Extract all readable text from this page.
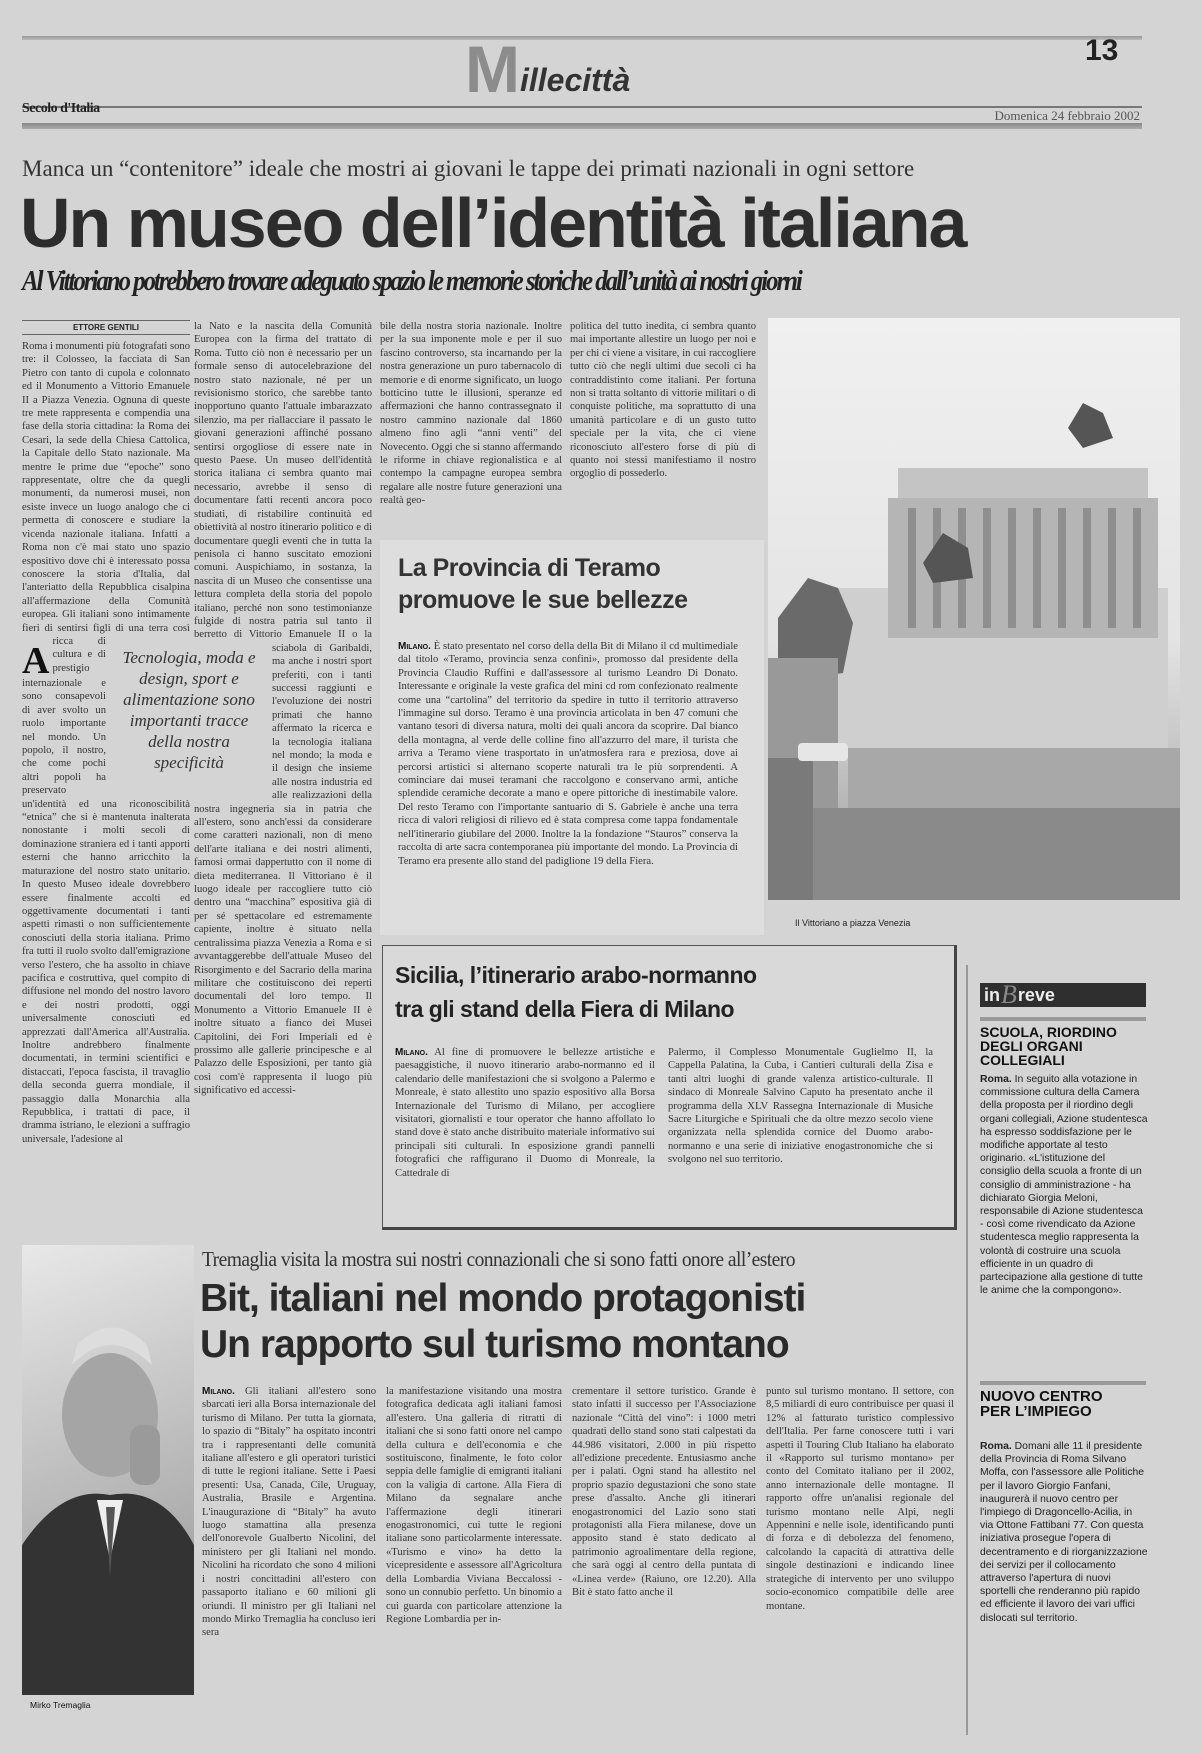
M illecittà
13
Secolo d'Italia	Domenica 24 febbraio 2002
Manca un “contenitore” ideale che mostri ai giovani le tappe dei primati nazionali in ogni settore
Un museo dell’identità italiana
Al Vittoriano potrebbero trovare adeguato spazio le memorie storiche dall’unità ai nostri giorni
ETTORE GENTILI
A
Roma i monumenti più fotografati sono tre: il Colosseo, la facciata di San Pietro con tanto di cupola e colonnato ed il Monumento a Vittorio Emanuele II a Piazza Venezia. Ognuna di queste tre mete rappresenta e compendia una fase della storia cittadina: la Roma dei Cesari, la sede della Chiesa Cattolica, la Capitale dello Stato nazionale. Ma mentre le prime due “epoche” sono rappresentate, oltre che da quegli monumenti, da numerosi musei, non esiste invece un luogo analogo che ci permetta di conoscere e studiare la vicenda nazionale italiana. Infatti a Roma non c'è mai stato uno spazio espositivo dove chi è interessato possa conoscere la storia d'Italia, dal l'anteriatto della Repubblica cisalpina all'affermazione della Comunità europea. Gli italiani sono intimamente fieri di sentirsi figli di una terra così ricca di cultura e di prestigio internazionale e sono consapevoli di aver svolto un ruolo importante nel mondo. Un popolo, il nostro, che come pochi altri popoli ha preservato un'identità ed una riconoscibilità “etnica” che si è mantenuta inalterata nonostante i molti secoli di dominazione straniera ed i tanti apporti esterni che hanno arricchito la maturazione del nostro stato unitario. In questo Museo ideale dovrebbero essere finalmente accolti ed oggettivamente documentati i tanti aspetti rimasti o non sufficientemente conosciuti della storia italiana. Primo fra tutti il ruolo svolto dall'emigrazione verso l'estero, che ha assolto in chiave pacifica e costruttiva, quel compito di diffusione nel mondo del nostro lavoro e dei nostri prodotti, oggi universalmente conosciuti ed apprezzati dall'America all'Australia. Inoltre andrebbero finalmente documentati, in termini scientifici e distaccati, l'epoca fascista, il travaglio della seconda guerra mondiale, il passaggio dalla Monarchia alla Repubblica, i trattati di pace, il dramma istriano, le elezioni a suffragio universale, l'adesione al
la Nato e la nascita della Comunità Europea con la firma del trattato di Roma. Tutto ciò non è necessario per un formale senso di autocelebrazione del nostro stato nazionale, né per un revisionismo storico, che sarebbe tanto inopportuno quanto l'attuale imbarazzato silenzio, ma per riallacciare il passato le giovani generazioni affinché possano sentirsi orgogliose di essere nate in questo Paese. Un museo dell'identità storica italiana ci sembra quanto mai necessario, avrebbe il senso di documentare fatti recenti ancora poco studiati, di ristabilire continuità ed obiettività al nostro itinerario politico e di documentare quegli eventi che in tutta la penisola ci hanno suscitato emozioni comuni. Auspichiamo, in sostanza, la nascita di un Museo che consentisse una lettura completa della storia del popolo italiano, perché non sono testimonianze fulgide di nostra patria sul tanto il berretto di Vittorio Emanuele II o la sciabola di Garibaldi, ma anche i nostri sport preferiti, con i tanti successi raggiunti e l'evoluzione dei nostri primati che hanno affermato la ricerca e la tecnologia italiana nel mondo; la moda e il design che insieme alle nostra industria ed alle realizzazioni della nostra ingegneria sia in patria che all'estero, sono anch'essi da considerare come caratteri nazionali, non di meno dell'arte italiana e dei nostri alimenti, famosi ormai dappertutto con il nome di dieta mediterranea. Il Vittoriano è il luogo ideale per raccogliere tutto ciò dentro una “macchina” espositiva già di per sé spettacolare ed estremamente capiente, inoltre è situato nella centralissima piazza Venezia a Roma e si avvantaggerebbe dell'attuale Museo del Risorgimento e del Sacrario della marina militare che costituiscono dei reperti documentali del loro tempo. Il Monumento a Vittorio Emanuele II è inoltre situato a fianco dei Musei Capitolini, dei Fori Imperiali ed è prossimo alle gallerie principesche e al Palazzo delle Esposizioni, per tanto già così com'è rappresenta il luogo più significativo ed accessi-
bile della nostra storia nazionale. Inoltre per la sua imponente mole e per il suo fascino controverso, sta incarnando per la nostra generazione un puro tabernacolo di memorie e di enorme significato, un luogo botticino tutte le illusioni, speranze ed affermazioni che hanno contrassegnato il nostro cammino nazionale dal 1860 almeno fino agli “anni venti” del Novecento. Oggi che si stanno affermando le riforme in chiave regionalistica e al contempo la campagne europea sembra regalare alle nostre future generazioni una realtà geo-
politica del tutto inedita, ci sembra quanto mai importante allestire un luogo per noi e per chi ci viene a visitare, in cui raccogliere tutto ciò che negli ultimi due secoli ci ha contraddistinto come italiani. Per fortuna non si tratta soltanto di vittorie militari o di conquiste politiche, ma soprattutto di una umanità particolare e di un gusto tutto speciale per la vita, che ci viene riconosciuto all'estero forse di più di quanto noi stessi manifestiamo il nostro orgoglio di possederlo.
Tecnologia, moda e design, sport e alimentazione sono importanti tracce della nostra specificità
Il Vittoriano a piazza Venezia
La Provincia di Teramo
promuove le sue bellezze
Milano. È stato presentato nel corso della della Bit di Milano il cd multimediale dal titolo «Teramo, provincia senza confini», promosso dal presidente della Provincia Claudio Ruffini e dall'assessore al turismo Leandro Di Donato. Interessante e originale la veste grafica del mini cd rom confezionato realmente come una “cartolina” del territorio da spedire in tutto il territorio attraverso l'immagine sul dorso. Teramo è una provincia articolata in ben 47 comuni che vantano tesori di diversa natura, molti dei quali ancora da scoprire. Dal bianco della montagna, al verde delle colline fino all'azzurro del mare, il turista che arriva a Teramo viene trasportato in un'atmosfera rara e preziosa, dove ai percorsi artistici si alternano scoperte naturali tra le più sorprendenti. A cominciare dai musei teramani che raccolgono e conservano armi, antiche splendide ceramiche decorate a mano e opere pittoriche di inestimabile valore. Del resto Teramo con l'importante santuario di S. Gabriele è anche una terra ricca di valori religiosi di rilievo ed è stata compresa come tappa fondamentale nell'itinerario giubilare del 2000. Inoltre la la fondazione “Stauros” conserva la raccolta di arte sacra contemporanea più importante del mondo. La Provincia di Teramo era presente allo stand del padiglione 19 della Fiera.
Sicilia, l’itinerario arabo-normanno
tra gli stand della Fiera di Milano
Milano. Al fine di promuovere le bellezze artistiche e paesaggistiche, il nuovo itinerario arabo-normanno ed il calendario delle manifestazioni che si svolgono a Palermo e Monreale, è stato allestito uno spazio espositivo alla Borsa Internazionale del Turismo di Milano, per accogliere visitatori, giornalisti e tour operator che hanno affollato lo stand dove è stato anche distribuito materiale informativo sui principali siti culturali. In esposizione grandi pannelli fotografici che raffigurano il Duomo di Monreale, la Cattedrale di
Palermo, il Complesso Monumentale Guglielmo II, la Cappella Palatina, la Cuba, i Cantieri culturali della Zisa e tanti altri luoghi di grande valenza artistico-culturale. Il sindaco di Monreale Salvino Caputo ha presentato anche il programma della XLV Rassegna Internazionale di Musiche Sacre Liturgiche e Spirituali che da oltre mezzo secolo viene organizzata nella splendida cornice del Duomo arabo-normanno e una serie di iniziative enogastronomiche che si svolgono nel suo territorio.
in B reve
SCUOLA, RIORDINO DEGLI ORGANI COLLEGIALI
Roma. In seguito alla votazione in commissione cultura della Camera della proposta per il riordino degli organi collegiali, Azione studentesca ha espresso soddisfazione per le modifiche apportate al testo originario. «L'istituzione del consiglio della scuola a fronte di un consiglio di amministrazione - ha dichiarato Giorgia Meloni, responsabile di Azione studentesca - così come rivendicato da Azione studentesca meglio rappresenta la volontà di costruire una scuola efficiente in un quadro di partecipazione alla gestione di tutte le anime che la compongono».
NUOVO CENTRO PER L’IMPIEGO
Roma. Domani alle 11 il presidente della Provincia di Roma Silvano Moffa, con l'assessore alle Politiche per il lavoro Giorgio Fanfani, inaugurerà il nuovo centro per l'impiego di Dragoncello-Acilia, in via Ottone Fattibani 77. Con questa iniziativa prosegue l'opera di decentramento e di riorganizzazione dei servizi per il collocamento attraverso l'apertura di nuovi sportelli che renderanno più rapido ed efficiente il lavoro dei vari uffici dislocati sul territorio.
Mirko Tremaglia
Tremaglia visita la mostra sui nostri connazionali che si sono fatti onore all’estero
Bit, italiani nel mondo protagonisti
Un rapporto sul turismo montano
Milano. Gli italiani all'estero sono sbarcati ieri alla Borsa internazionale del turismo di Milano. Per tutta la giornata, lo spazio di “Bitaly” ha ospitato incontri tra i rappresentanti delle comunità italiane all'estero e gli operatori turistici di tutte le regioni italiane. Sette i Paesi presenti: Usa, Canada, Cile, Uruguay, Australia, Brasile e Argentina. L'inaugurazione di “Bitaly” ha avuto luogo stamattina alla presenza dell'onorevole Gualberto Nicolini, del ministero per gli Italiani nel mondo. Nicolini ha ricordato che sono 4 milioni i nostri concittadini all'estero con passaporto italiano e 60 milioni gli oriundi. Il ministro per gli Italiani nel mondo Mirko Tremaglia ha concluso ieri sera
la manifestazione visitando una mostra fotografica dedicata agli italiani famosi all'estero. Una galleria di ritratti di italiani che si sono fatti onore nel campo della cultura e dell'economia e che sostituiscono, finalmente, le foto color seppia delle famiglie di emigranti italiani con la valigia di cartone. Alla Fiera di Milano da segnalare anche l'affermazione degli itinerari enogastronomici, cui tutte le regioni italiane sono particolarmente interessate. «Turismo e vino» ha detto la vicepresidente e assessore all'Agricoltura della Lombardia Viviana Beccalossi - sono un connubio perfetto. Un binomio a cui guarda con particolare attenzione la Regione Lombardia per in-
crementare il settore turistico. Grande è stato infatti il successo per l'Associazione nazionale “Città del vino”: i 1000 metri quadrati dello stand sono stati calpestati da 44.986 visitatori, 2.000 in più rispetto all'edizione precedente. Entusiasmo anche per i palati. Ogni stand ha allestito nel proprio spazio degustazioni che sono state prese d'assalto. Anche gli itinerari enogastronomici del Lazio sono stati protagonisti alla Fiera milanese, dove un apposito stand è stato dedicato al patrimonio agroalimentare della regione, che sarà oggi al centro della puntata di «Linea verde» (Raiuno, ore 12.20). Alla Bit è stato fatto anche il
punto sul turismo montano. Il settore, con 8,5 miliardi di euro contribuisce per quasi il 12% al fatturato turistico complessivo dell'Italia. Per farne conoscere tutti i vari aspetti il Touring Club Italiano ha elaborato il «Rapporto sul turismo montano» per conto del Comitato italiano per il 2002, anno internazionale delle montagne. Il rapporto offre un'analisi regionale del turismo montano nelle Alpi, negli Appennini e nelle isole, identificando punti di forza e di debolezza del fenomeno, calcolando la capacità di attrattiva delle singole destinazioni e indicando linee strategiche di intervento per uno sviluppo socio-economico compatibile delle aree montane.
